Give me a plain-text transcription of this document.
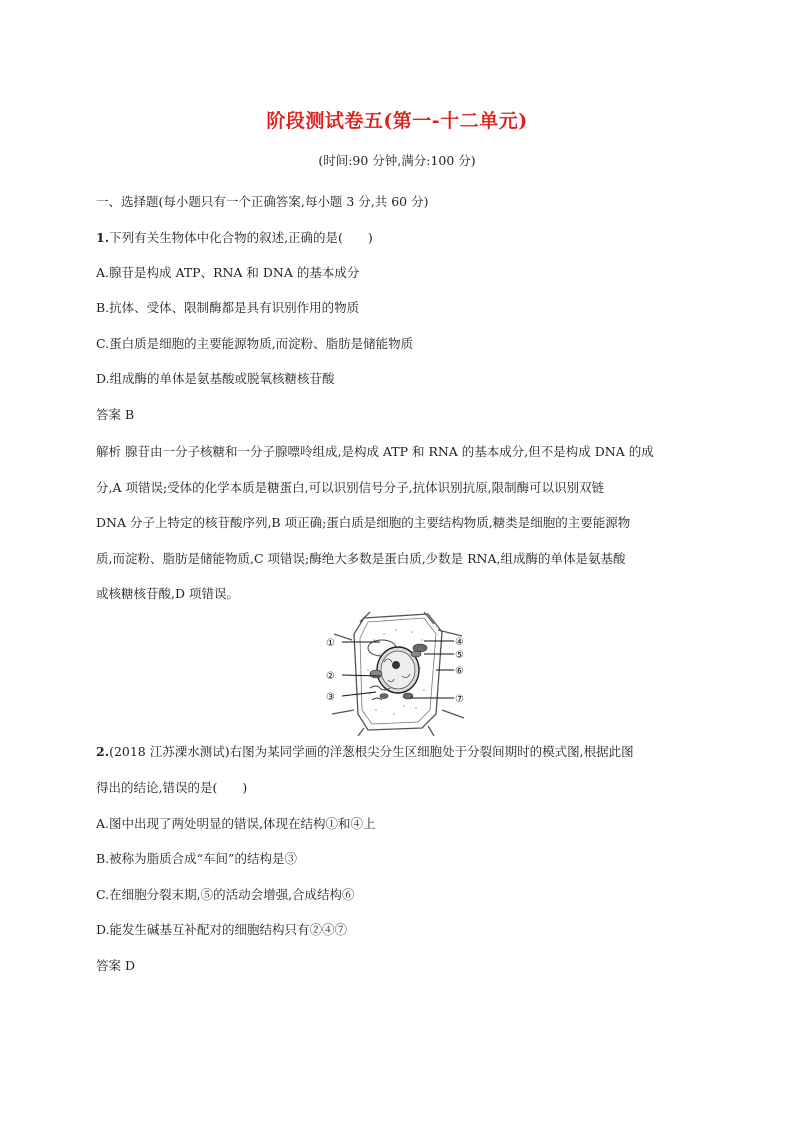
阶段测试卷五(第一-十二单元)
(时间:90 分钟,满分:100 分)
一、选择题(每小题只有一个正确答案,每小题 3 分,共 60 分)
1.下列有关生物体中化合物的叙述,正确的是(　　)
A.腺苷是构成 ATP、RNA 和 DNA 的基本成分
B.抗体、受体、限制酶都是具有识别作用的物质
C.蛋白质是细胞的主要能源物质,而淀粉、脂肪是储能物质
D.组成酶的单体是氨基酸或脱氧核糖核苷酸
答案 B
解析 腺苷由一分子核糖和一分子腺嘌呤组成,是构成 ATP 和 RNA 的基本成分,但不是构成 DNA 的成
分,A 项错误;受体的化学本质是糖蛋白,可以识别信号分子,抗体识别抗原,限制酶可以识别双链
DNA 分子上特定的核苷酸序列,B 项正确;蛋白质是细胞的主要结构物质,糖类是细胞的主要能源物
质,而淀粉、脂肪是储能物质,C 项错误;酶绝大多数是蛋白质,少数是 RNA,组成酶的单体是氨基酸
或核糖核苷酸,D 项错误。
①
②
③
④
⑤
⑥
⑦
2.(2018 江苏溧水测试)右图为某同学画的洋葱根尖分生区细胞处于分裂间期时的模式图,根据此图
得出的结论,错误的是(　　)
A.图中出现了两处明显的错误,体现在结构①和④上
B.被称为脂质合成“车间”的结构是③
C.在细胞分裂末期,⑤的活动会增强,合成结构⑥
D.能发生碱基互补配对的细胞结构只有②④⑦
答案 D
